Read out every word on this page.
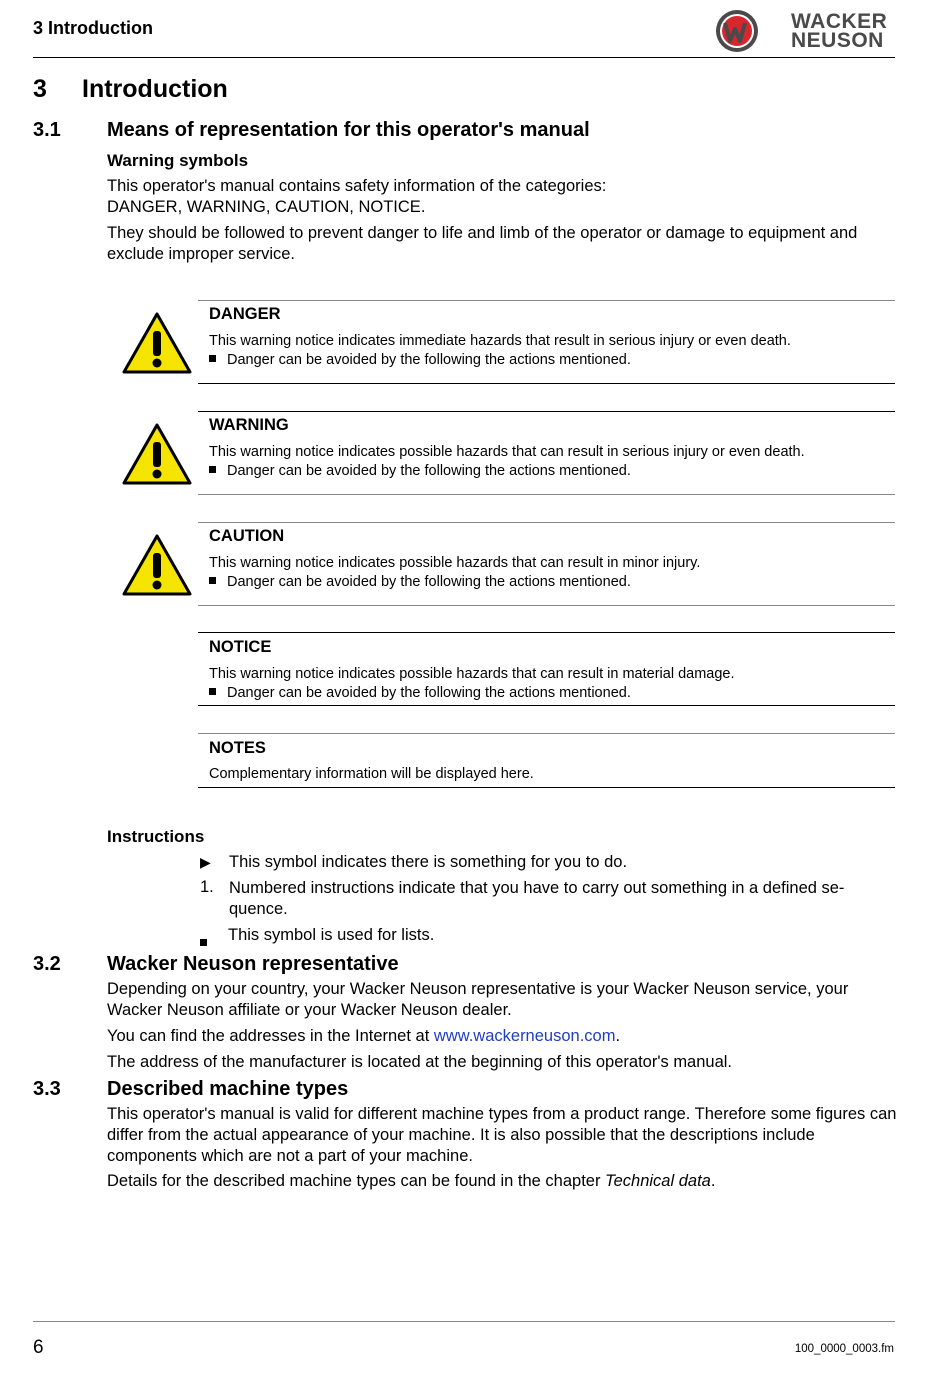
3 Introduction	WACKER
NEUSON
3 Introduction
3.1 Means of representation for this operator's manual
Warning symbols
This operator's manual contains safety information of the categories:
DANGER, WARNING, CAUTION, NOTICE.
They should be followed to prevent danger to life and limb of the operator or damage to equipment and exclude improper service.
DANGER
This warning notice indicates immediate hazards that result in serious injury or even death.
Danger can be avoided by the following the actions mentioned.
WARNING
This warning notice indicates possible hazards that can result in serious injury or even death.
Danger can be avoided by the following the actions mentioned.
CAUTION
This warning notice indicates possible hazards that can result in minor injury.
Danger can be avoided by the following the actions mentioned.
NOTICE
This warning notice indicates possible hazards that can result in material damage.
Danger can be avoided by the following the actions mentioned.
NOTES
Complementary information will be displayed here.
Instructions
▶ This symbol indicates there is something for you to do.
1. Numbered instructions indicate that you have to carry out something in a defined se-
quence.
This symbol is used for lists.
3.2 Wacker Neuson representative
Depending on your country, your Wacker Neuson representative is your Wacker Neuson service, your Wacker Neuson affiliate or your Wacker Neuson dealer.
You can find the addresses in the Internet at www.wackerneuson.com.
The address of the manufacturer is located at the beginning of this operator's manual.
3.3 Described machine types
This operator's manual is valid for different machine types from a product range. Therefore some figures can differ from the actual appearance of your machine. It is also possible that the descriptions include components which are not a part of your machine.
Details for the described machine types can be found in the chapter Technical data.
6	100_0000_0003.fm
